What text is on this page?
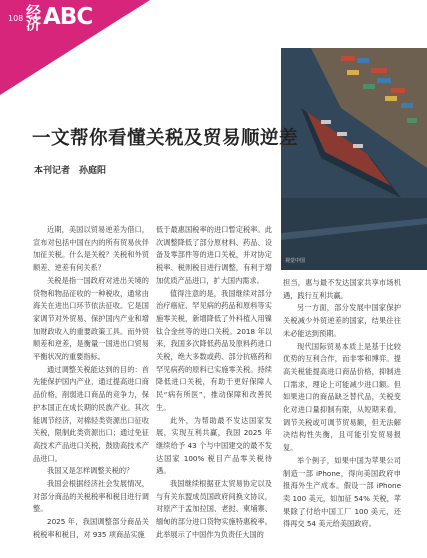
108 经济 ABC
视觉中国
一文帮你看懂关税及贸易顺逆差
本刊记者　孙庭阳

近期，美国以贸易逆差为借口，宣布对包括中国在内的所有贸易伙伴加征关税。什么是关税？关税和外贸顺差、逆差有何关系？

关税是指一国政府对进出关境的货物和物品征收的一种税收，通常由海关在进出口环节依法征收。它是国家调节对外贸易、保护国内产业和增加财政收入的重要政策工具。而外贸顺差和逆差，是衡量一国进出口贸易平衡状况的重要指标。

通过调整关税能达到的目的：首先能保护国内产业，通过提高进口商品价格，削弱进口商品的竞争力，保护本国正在成长期的民族产业。其次能调节经济，对棉轻类资源出口征收关税，限制此类资源出口；通过免征高技术产品进口关税，鼓励高技术产品进口。

我国又是怎样调整关税的？

我国会根据经济社会发展情况，对部分商品的关税税率和税目进行调整。

2025 年，我国调整部分商品关税税率和税目，对 935 项商品实施

低于最惠国税率的进口暂定税率。此次调整降低了部分原材料、药品、设备及零部件等的进口关税，并对协定税率、税则税目进行调整，有利于增加优质产品进口，扩大国内需求。

值得注意的是，我国继续对部分治疗癌症、罕见病的药品和原料等实施零关税，新增降低了外科植入用镍钛合金丝等的进口关税。2018 年以来，我国多次降低药品及原料药进口关税，绝大多数或药、部分抗癌药和罕见病药的原料已实施零关税。持续降低进口关税，有助于更好保障人民“病有所医”，推动保障和改善民生。

此外，为帮助最不发达国家发展，实现互利共赢，我国 2025 年继续给予 43 个与中国建交的最不发达国家 100% 税目产品零关税待遇。

我国继续根据亚太贸易协定以及与有关东盟成员国政府间换文协议，对原产于孟加拉国、老挝、柬埔寨、缅甸的部分进口货物实施特惠税率。此举展示了中国作为负责任大国的

担当，惠与最不发达国家共享市场机遇，践行互利共赢。

另一方面，部分发展中国家保护关税减少外贸逆差的国家，结果往往未必能达到预期。

现代国际贸易本质上是基于比较优势的互利合作，而非零和博弈。提高关税能提高进口商品价格，抑制进口需求，理论上可能减少进口额。但如果进口的商品缺乏替代品，关税变化对进口量抑制有限，从短期来看，调节关税或可调节贸易额，但无法解决结构性失衡，且可能引发贸易报复。

举个例子，如果中国为苹果公司制造一部 iPhone，得向美国政府申报海外生产成本。假设一部 iPhone 卖 100 美元，如加征 54% 关税，苹果除了付给中国工厂 100 美元，还得再交 54 美元给美国政府。
